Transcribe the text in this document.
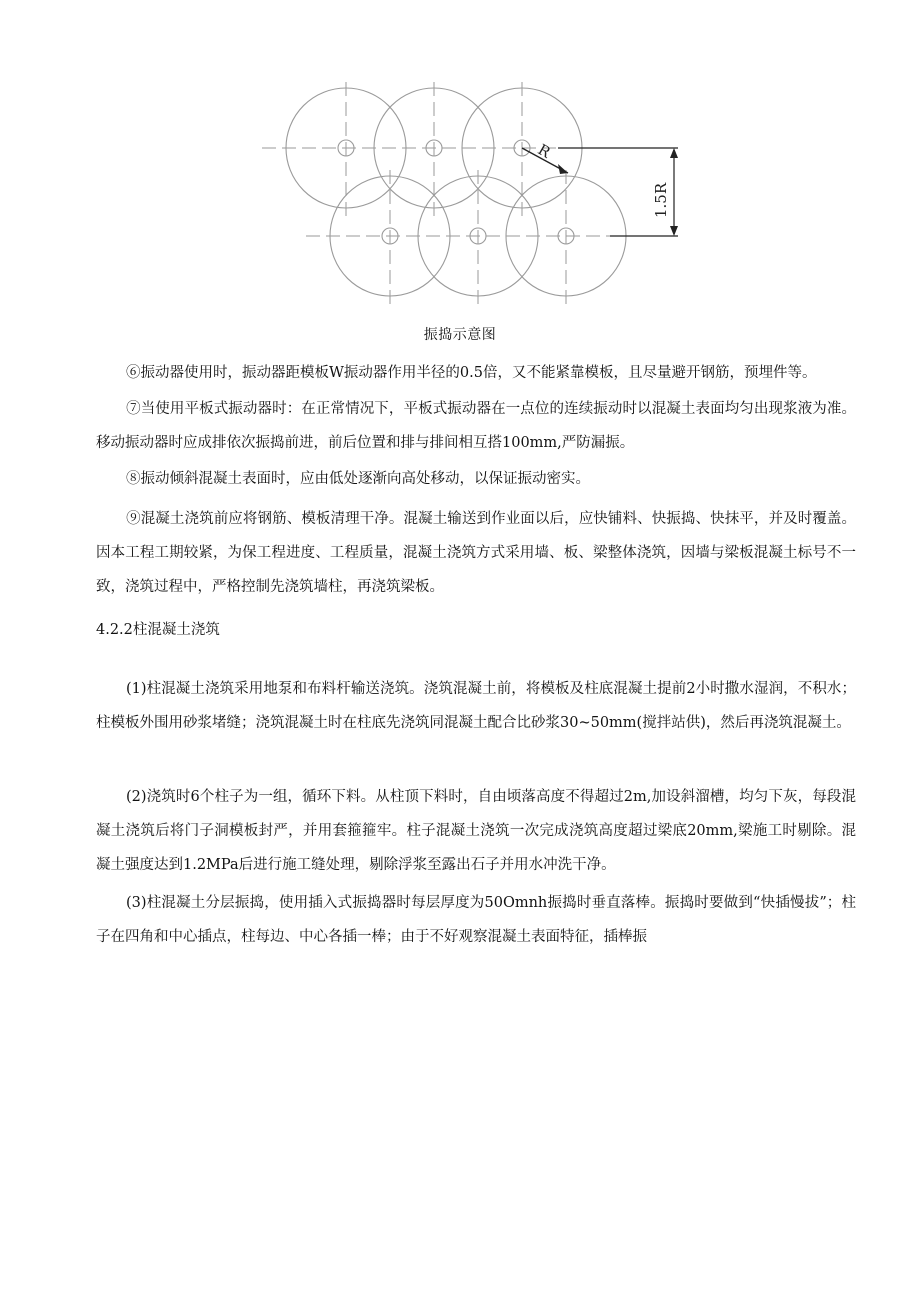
R
1.5R
振捣示意图

⑥振动器使用时，振动器距模板W振动器作用半径的0.5倍，又不能紧靠模板，且尽量避开钢筋，预埋件等。

⑦当使用平板式振动器时：在正常情况下，平板式振动器在一点位的连续振动时以混凝土表面均匀出现浆液为准。移动振动器时应成排依次振捣前进，前后位置和排与排间相互搭100mm,严防漏振。

⑧振动倾斜混凝土表面时，应由低处逐渐向高处移动，以保证振动密实。

⑨混凝土浇筑前应将钢筋、模板清理干净。混凝土输送到作业面以后，应快铺料、快振捣、快抹平，并及时覆盖。因本工程工期较紧，为保工程进度、工程质量，混凝土浇筑方式采用墙、板、梁整体浇筑，因墙与梁板混凝土标号不一致，浇筑过程中，严格控制先浇筑墙柱，再浇筑梁板。

4.2.2柱混凝土浇筑

(1)柱混凝土浇筑采用地泵和布料杆输送浇筑。浇筑混凝土前，将模板及柱底混凝土提前2小时撒水湿润，不积水；柱模板外围用砂浆堵缝；浇筑混凝土时在柱底先浇筑同混凝土配合比砂浆30~50mm(搅拌站供)，然后再浇筑混凝土。

(2)浇筑时6个柱子为一组，循环下料。从柱顶下料时，自由顷落高度不得超过2m,加设斜溜槽，均匀下灰，每段混凝土浇筑后将门子洞模板封严，并用套箍箍牢。柱子混凝土浇筑一次完成浇筑高度超过梁底20mm,梁施工时剔除。混凝土强度达到1.2MPa后进行施工缝处理，剔除浮浆至露出石子并用水冲洗干净。

(3)柱混凝土分层振捣，使用插入式振捣器时每层厚度为50Omnh振捣时垂直落棒。振捣时要做到“快插慢拔”；柱子在四角和中心插点，柱每边、中心各插一棒；由于不好观察混凝土表面特征，插棒振
